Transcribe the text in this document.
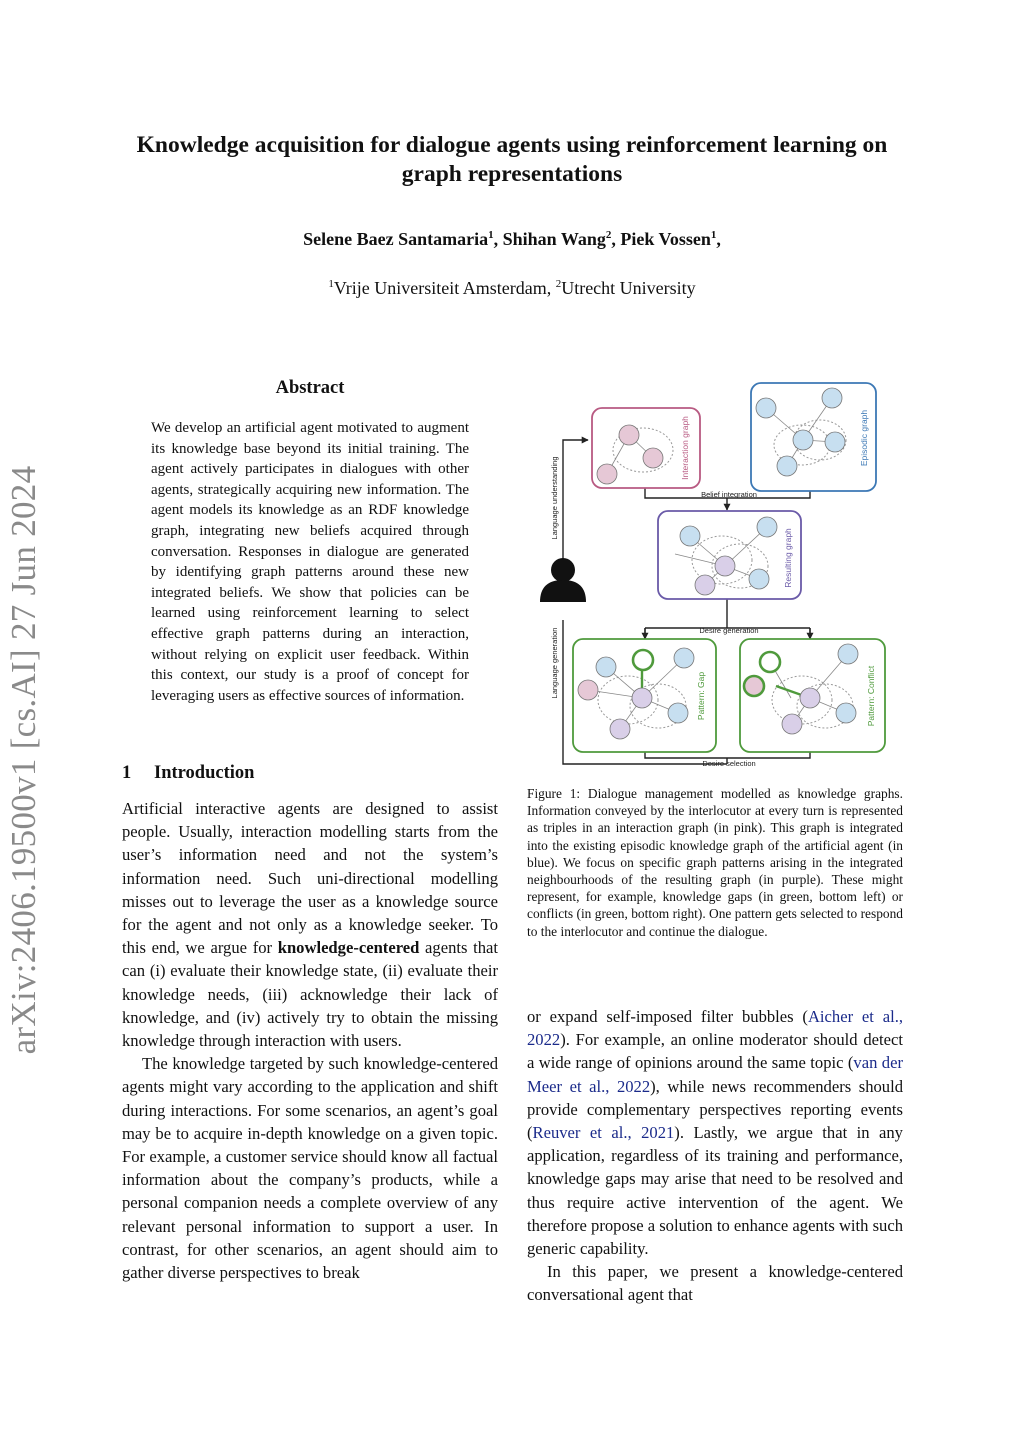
Knowledge acquisition for dialogue agents using reinforcement learning on
graph representations
Selene Baez Santamaria$^1$, Shihan Wang$^2$, Piek Vossen$^1$,
$^1$Vrije Universiteit Amsterdam, $^2$Utrecht University
arXiv:2406.19500v1 [cs.AI] 27 Jun 2024
Abstract
We develop an artificial agent motivated to augment its knowledge base beyond its initial training. The agent actively participates in dialogues with other agents, strategically acquiring new information. The agent models its knowledge as an RDF knowledge graph, integrating new beliefs acquired through conversation. Responses in dialogue are generated by identifying graph patterns around these new integrated beliefs. We show that policies can be learned using reinforcement learning to select effective graph patterns during an interaction, without relying on explicit user feedback. Within this context, our study is a proof of concept for leveraging users as effective sources of information.
1 Introduction

Artificial interactive agents are designed to assist people. Usually, interaction modelling starts from the user’s information need and not the system’s information need. Such uni-directional modelling misses out to leverage the user as a knowledge source for the agent and not only as a knowledge seeker. To this end, we argue for knowledge-centered agents that can (i) evaluate their knowledge state, (ii) evaluate their knowledge needs, (iii) acknowledge their lack of knowledge, and (iv) actively try to obtain the missing knowledge through interaction with users.

The knowledge targeted by such knowledge-centered agents might vary according to the application and shift during interactions. For some scenarios, an agent’s goal may be to acquire in-depth knowledge on a given topic. For example, a customer service should know all factual information about the company’s products, while a personal companion needs a complete overview of any relevant personal information to support a user. In contrast, for other scenarios, an agent should aim to gather diverse perspectives to break

or expand self-imposed filter bubbles (Aicher et al., 2022). For example, an online moderator should detect a wide range of opinions around the same topic (van der Meer et al., 2022), while news recommenders should provide complementary perspectives reporting events (Reuver et al., 2021). Lastly, we argue that in any application, regardless of its training and performance, knowledge gaps may arise that need to be resolved and thus require active intervention of the agent. We therefore propose a solution to enhance agents with such generic capability.

In this paper, we present a knowledge-centered conversational agent that

Figure 1: Dialogue management modelled as knowledge graphs. Information conveyed by the interlocutor at every turn is represented as triples in an interaction graph (in pink). This graph is integrated into the existing episodic knowledge graph of the artificial agent (in blue). We focus on specific graph patterns arising in the integrated neighbourhoods of the resulting graph (in purple). These might represent, for example, knowledge gaps (in green, bottom left) or conflicts (in green, bottom right). One pattern gets selected to respond to the interlocutor and continue the dialogue.
Interaction graph	Episodic graph
Belief integration
Resulting graph
Desire generation
Pattern: Gap	Pattern: Conflict
Desire selection
Language understanding
Language generation
